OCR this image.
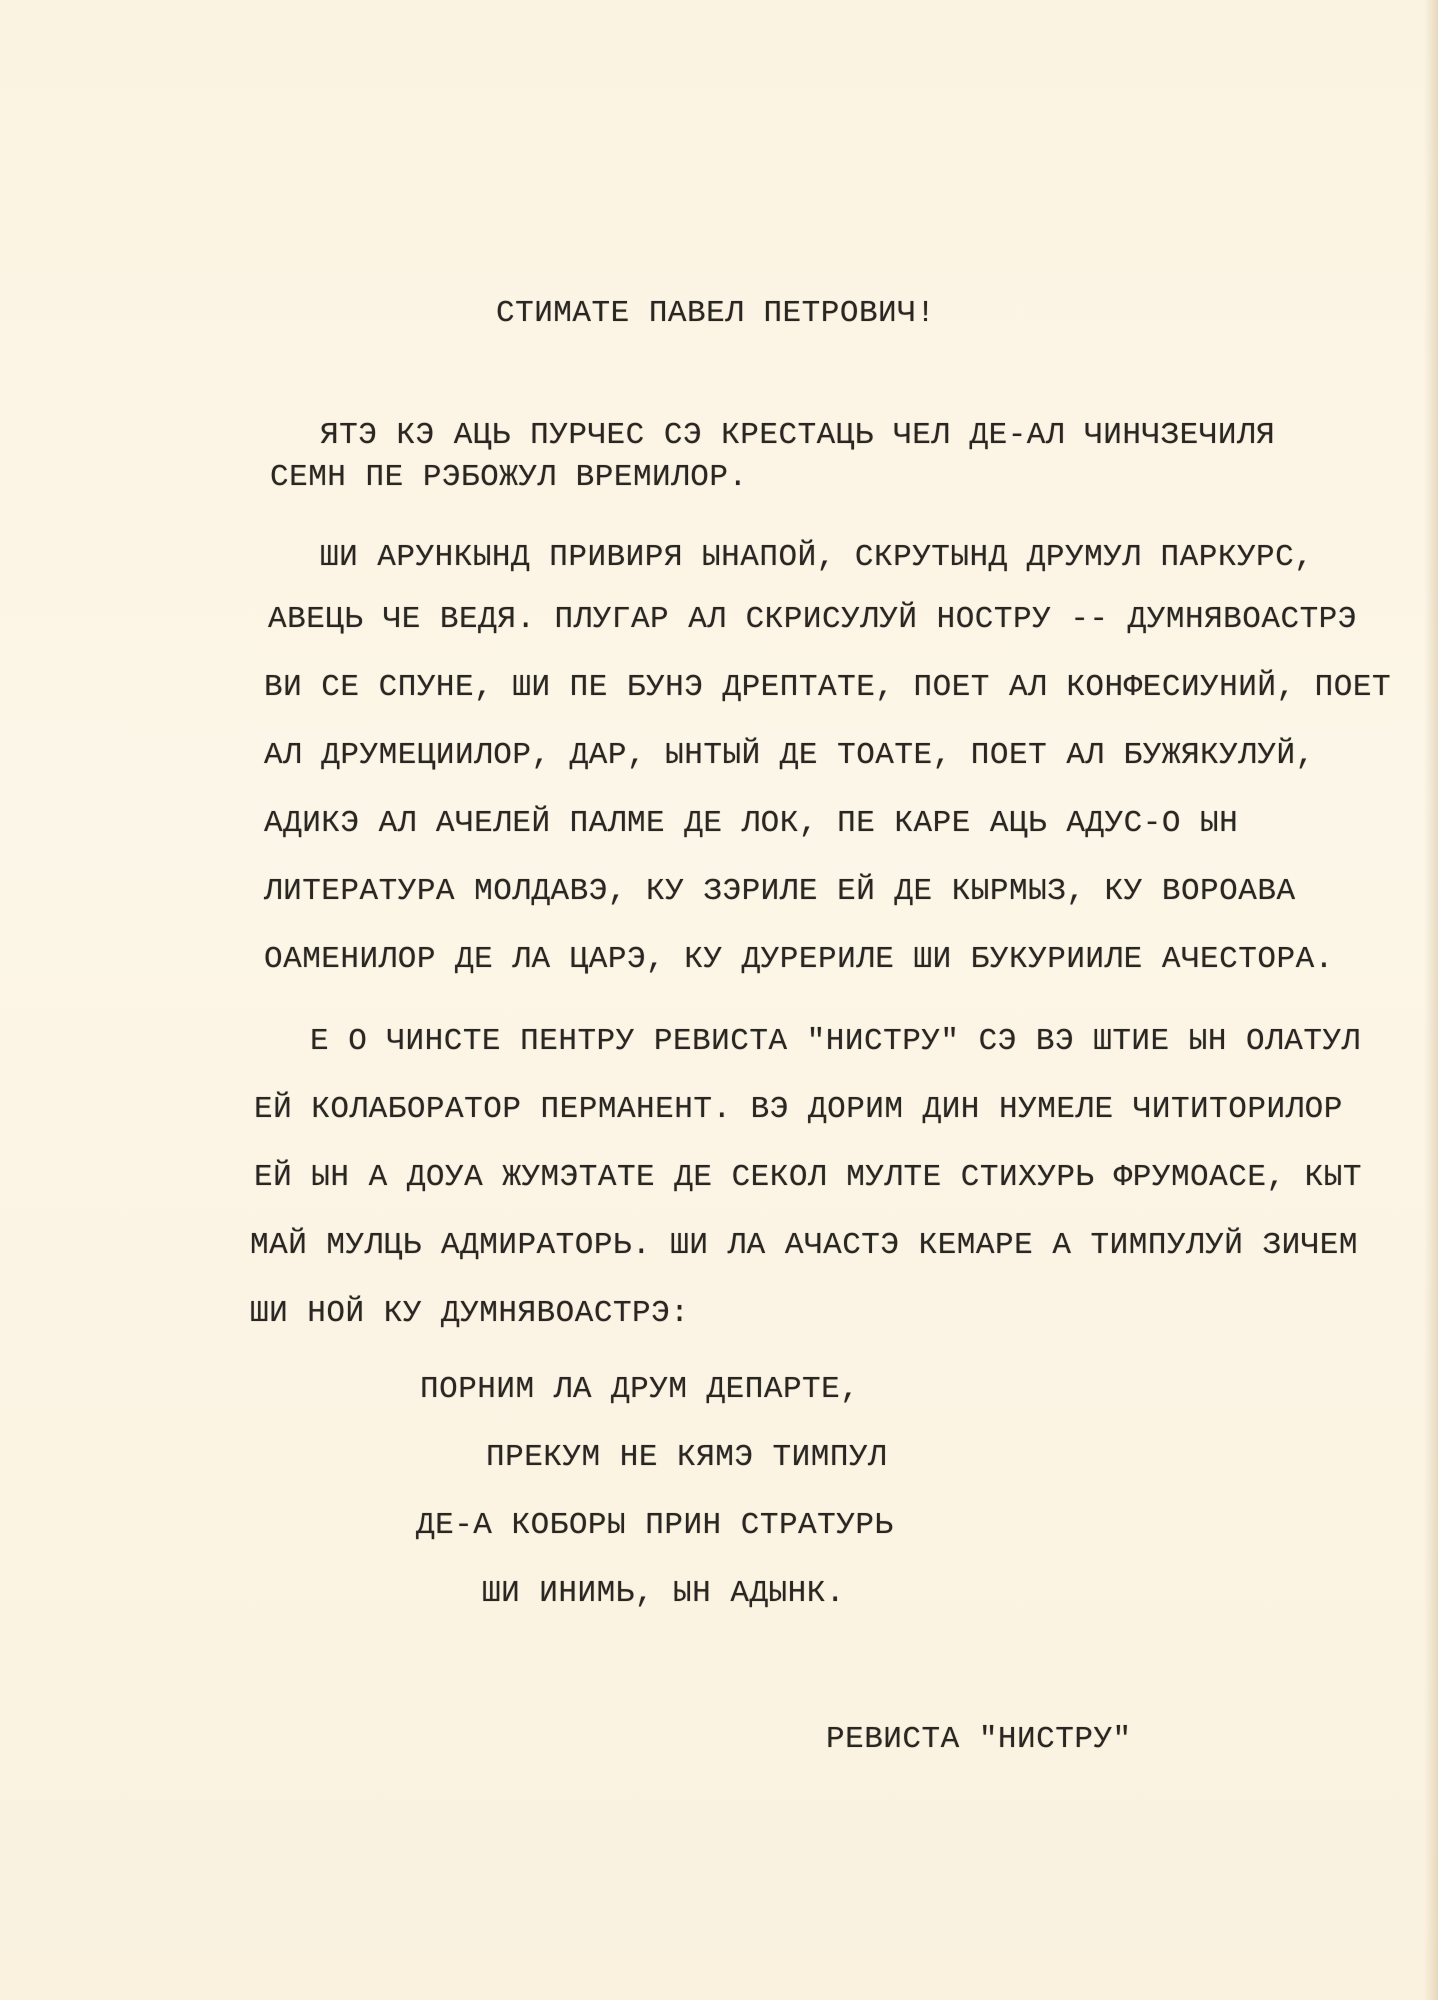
СТИМАТЕ ПАВЕЛ ПЕТРОВИЧ!
ЯТЭ КЭ АЦЬ ПУРЧЕС СЭ КРЕСТАЦЬ ЧЕЛ ДЕ-АЛ ЧИНЧЗЕЧИЛЯ
СЕМН ПЕ РЭБОЖУЛ ВРЕМИЛОР.
ШИ АРУНКЫНД ПРИВИРЯ ЫНАПОЙ, СКРУТЫНД ДРУМУЛ ПАРКУРС,
АВЕЦЬ ЧЕ ВЕДЯ. ПЛУГАР АЛ СКРИСУЛУЙ НОСТРУ -- ДУМНЯВОАСТРЭ
ВИ СЕ СПУНЕ, ШИ ПЕ БУНЭ ДРЕПТАТЕ, ПОЕТ АЛ КОНФЕСИУНИЙ, ПОЕТ
АЛ ДРУМЕЦИИЛОР, ДАР, ЫНТЫЙ ДЕ ТОАТЕ, ПОЕТ АЛ БУЖЯКУЛУЙ,
АДИКЭ АЛ АЧЕЛЕЙ ПАЛМЕ ДЕ ЛОК, ПЕ КАРЕ АЦЬ АДУС-О ЫН
ЛИТЕРАТУРА МОЛДАВЭ, КУ ЗЭРИЛЕ ЕЙ ДЕ КЫРМЫЗ, КУ ВОРОАВА
ОАМЕНИЛОР ДЕ ЛА ЦАРЭ, КУ ДУРЕРИЛЕ ШИ БУКУРИИЛЕ АЧЕСТОРА.
Е О ЧИНСТЕ ПЕНТРУ РЕВИСТА "НИСТРУ" СЭ ВЭ ШТИЕ ЫН ОЛАТУЛ
ЕЙ КОЛАБОРАТОР ПЕРМАНЕНТ. ВЭ ДОРИМ ДИН НУМЕЛЕ ЧИТИТОРИЛОР
ЕЙ ЫН А ДОУА ЖУМЭТАТЕ ДЕ СЕКОЛ МУЛТЕ СТИХУРЬ ФРУМОАСЕ, КЫТ
МАЙ МУЛЦЬ АДМИРАТОРЬ. ШИ ЛА АЧАСТЭ КЕМАРЕ А ТИМПУЛУЙ ЗИЧЕМ
ШИ НОЙ КУ ДУМНЯВОАСТРЭ:
ПОРНИМ ЛА ДРУМ ДЕПАРТЕ,
ПРЕКУМ НЕ КЯМЭ ТИМПУЛ
ДЕ-А КОБОРЫ ПРИН СТРАТУРЬ
ШИ ИНИМЬ, ЫН АДЫНК.
РЕВИСТА "НИСТРУ"
